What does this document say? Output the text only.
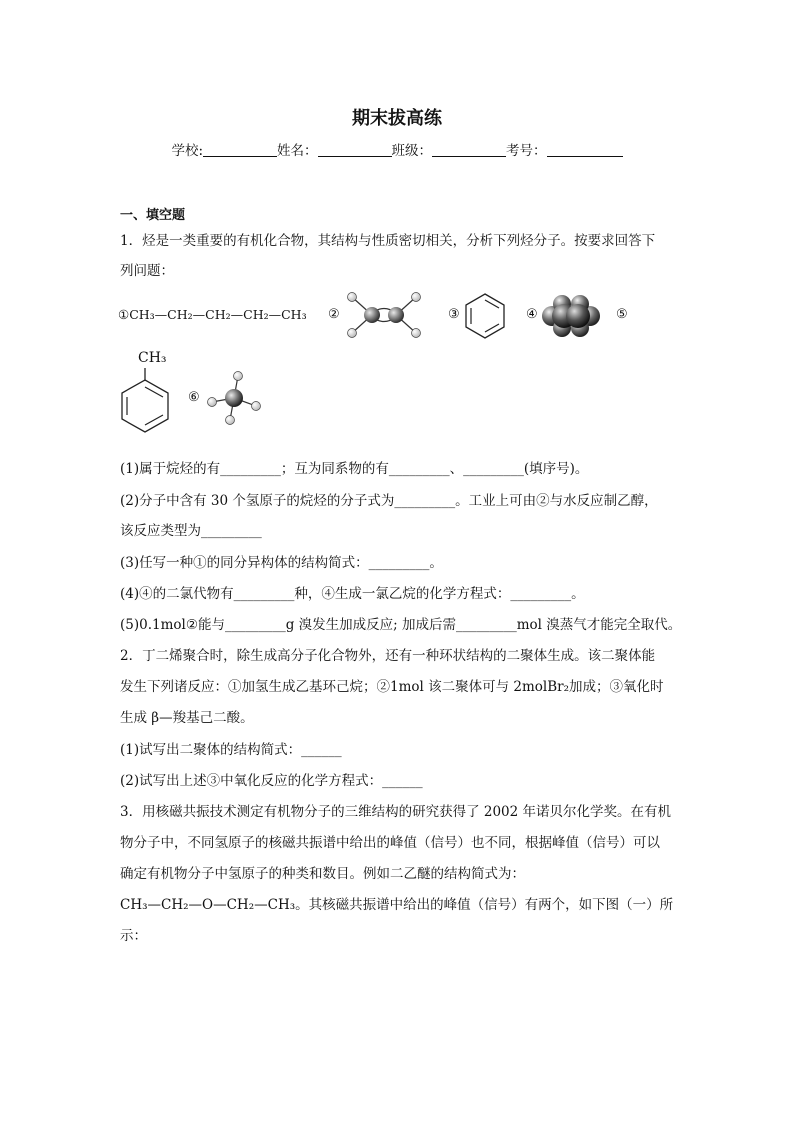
期末拔高练
学校:	姓名：	班级：	考号：
一、填空题
1．烃是一类重要的有机化合物，其结构与性质密切相关，分析下列烃分子。按要求回答下
列问题：
①CH₃—CH₂—CH₂—CH₂—CH₃ ②	③	④	⑤
CH₃
⑥
(1)属于烷烃的有_________；互为同系物的有_________、_________(填序号)。
(2)分子中含有 30 个氢原子的烷烃的分子式为_________。工业上可由②与水反应制乙醇，
该反应类型为_________
(3)任写一种①的同分异构体的结构简式：_________。
(4)④的二氯代物有_________种，④生成一氯乙烷的化学方程式：_________。
(5)0.1mol②能与_________g 溴发生加成反应; 加成后需_________mol 溴蒸气才能完全取代。
2．丁二烯聚合时，除生成高分子化合物外，还有一种环状结构的二聚体生成。该二聚体能
发生下列诸反应：①加氢生成乙基环己烷；②1mol 该二聚体可与 2molBr₂加成；③氧化时
生成 β—羧基己二酸。
(1)试写出二聚体的结构简式：______
(2)试写出上述③中氧化反应的化学方程式：______
3．用核磁共振技术测定有机物分子的三维结构的研究获得了 2002 年诺贝尔化学奖。在有机
物分子中，不同氢原子的核磁共振谱中给出的峰值（信号）也不同，根据峰值（信号）可以
确定有机物分子中氢原子的种类和数目。例如二乙醚的结构简式为：
CH₃—CH₂—O—CH₂—CH₃。其核磁共振谱中给出的峰值（信号）有两个，如下图（一）所
示：
